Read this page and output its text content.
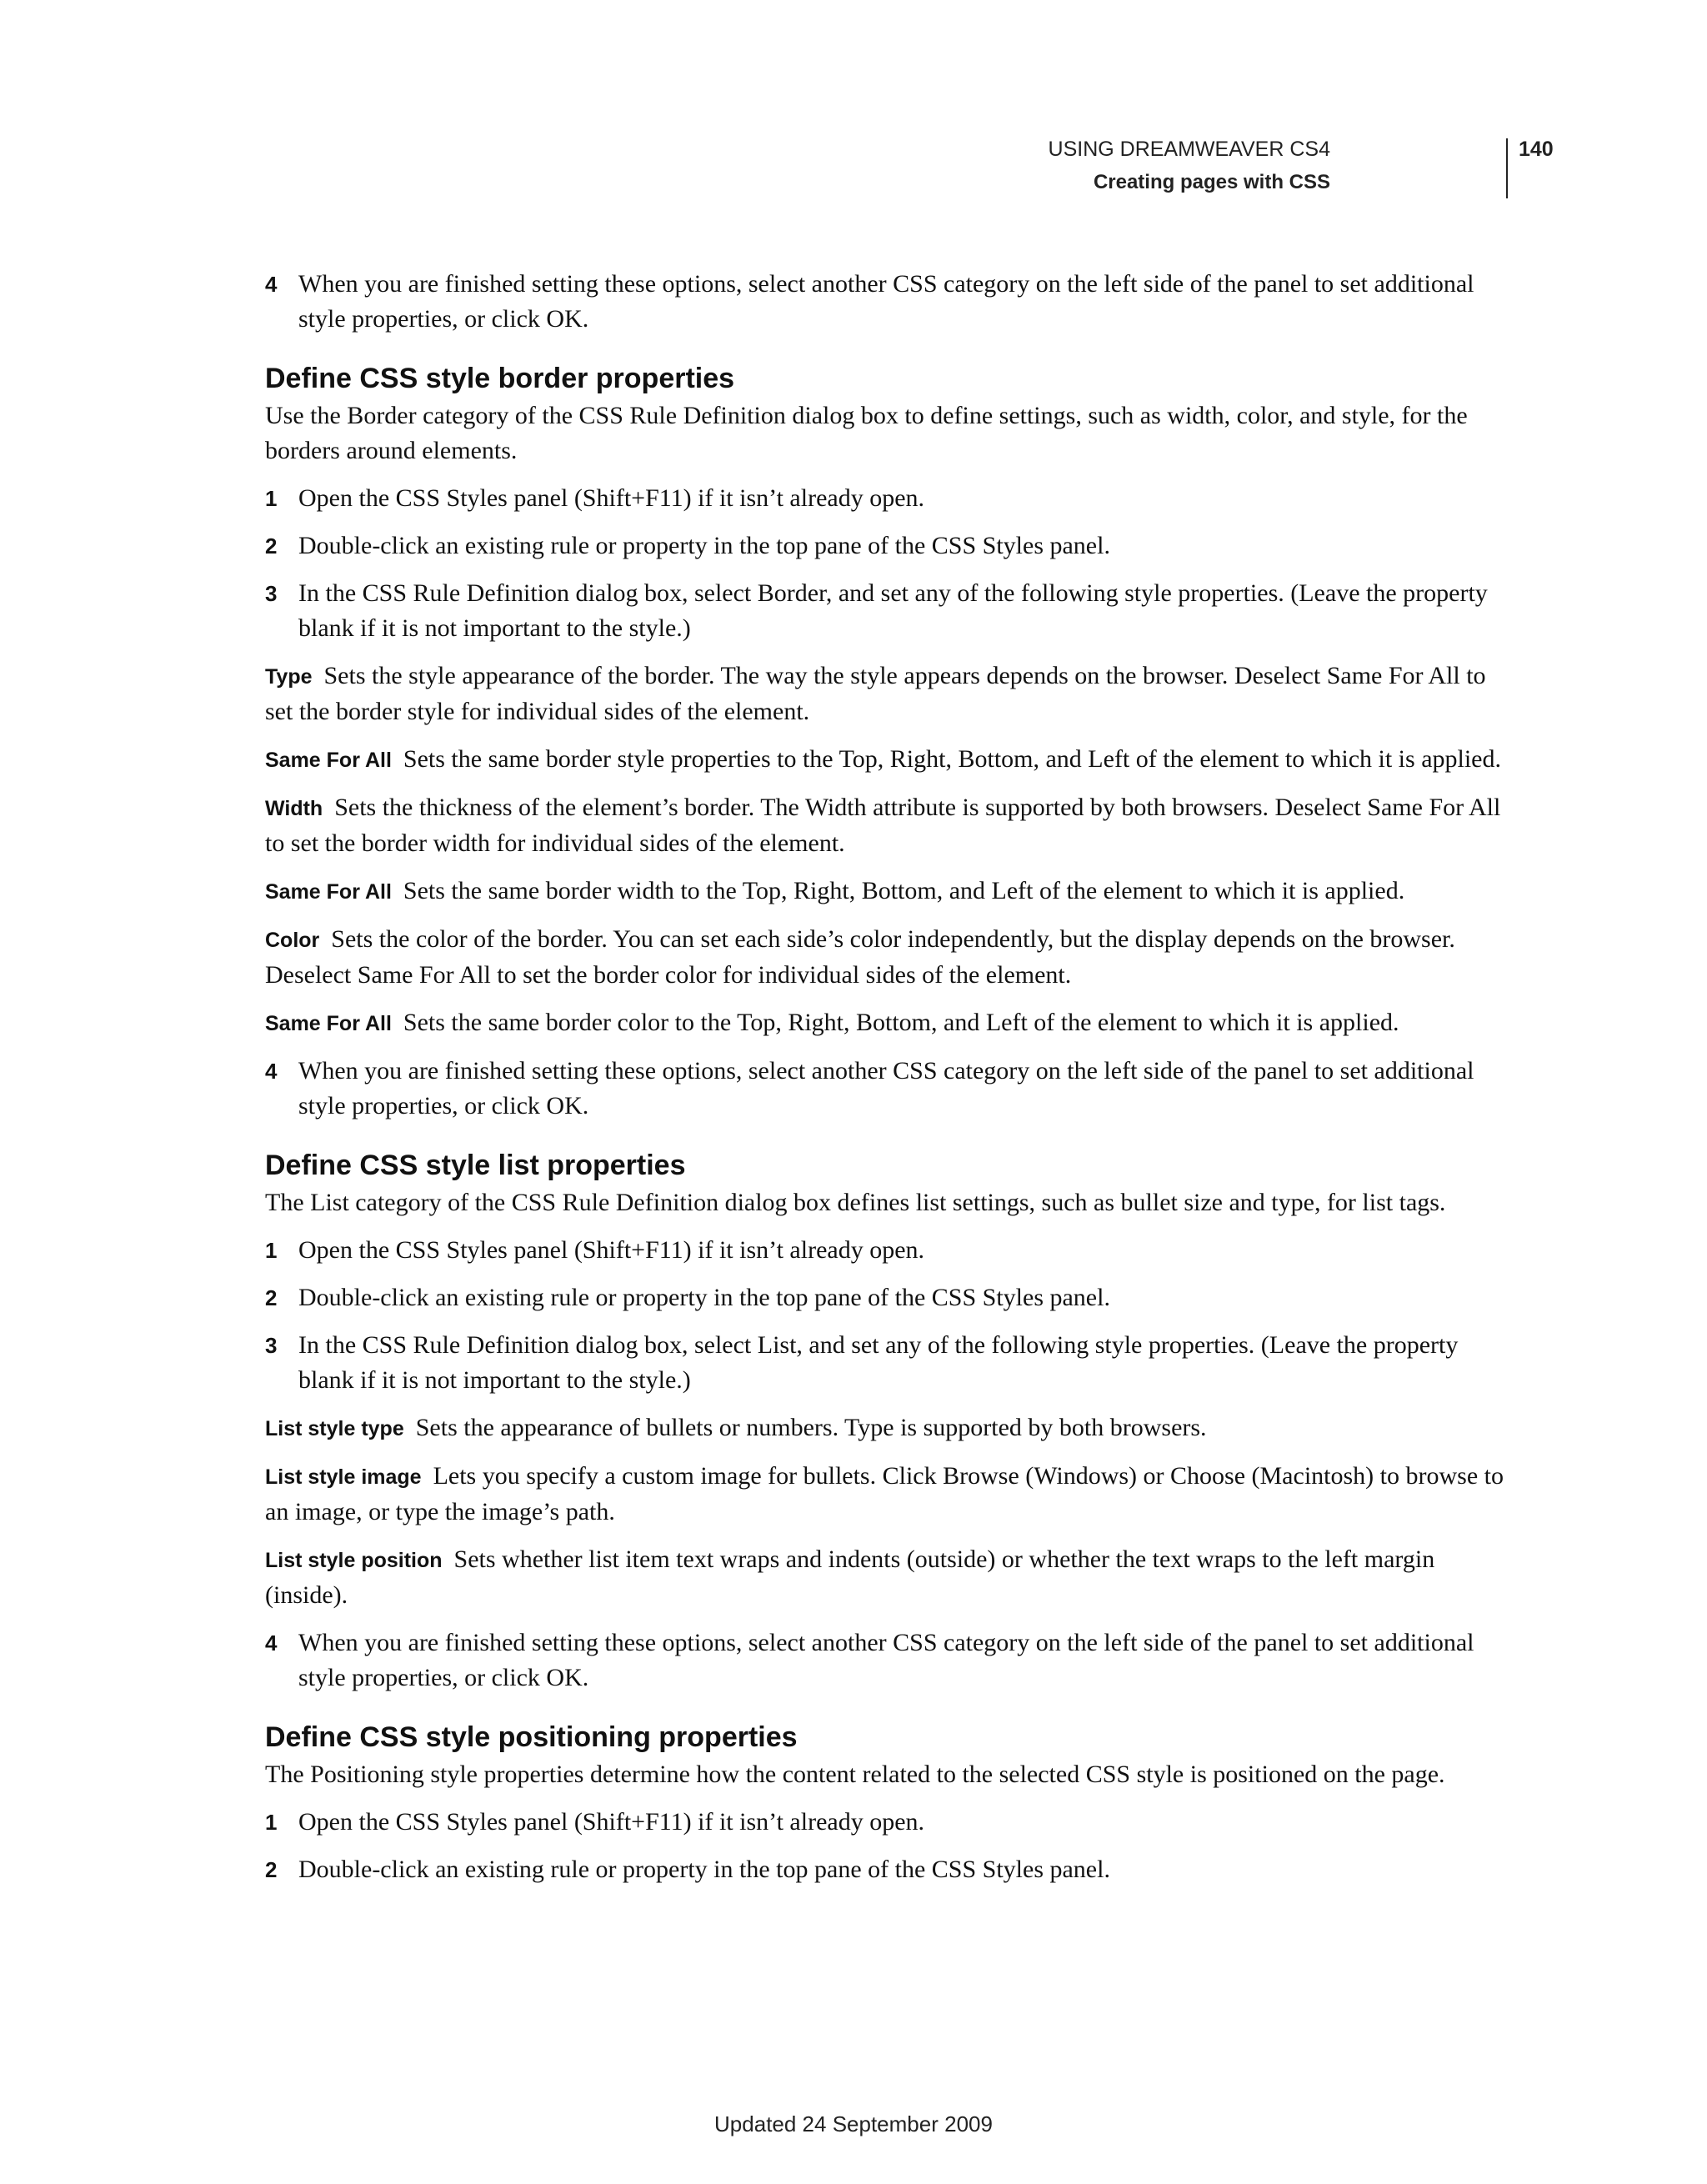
USING DREAMWEAVER CS4
Creating pages with CSS
140
4 When you are finished setting these options, select another CSS category on the left side of the panel to set additional style properties, or click OK.
Define CSS style border properties

Use the Border category of the CSS Rule Definition dialog box to define settings, such as width, color, and style, for the borders around elements.

1 Open the CSS Styles panel (Shift+F11) if it isn’t already open.
2 Double-click an existing rule or property in the top pane of the CSS Styles panel.
3 In the CSS Rule Definition dialog box, select Border, and set any of the following style properties. (Leave the property blank if it is not important to the style.)

Type Sets the style appearance of the border. The way the style appears depends on the browser. Deselect Same For All to set the border style for individual sides of the element.

Same For All Sets the same border style properties to the Top, Right, Bottom, and Left of the element to which it is applied.

Width Sets the thickness of the element’s border. The Width attribute is supported by both browsers. Deselect Same For All to set the border width for individual sides of the element.

Same For All Sets the same border width to the Top, Right, Bottom, and Left of the element to which it is applied.

Color Sets the color of the border. You can set each side’s color independently, but the display depends on the browser. Deselect Same For All to set the border color for individual sides of the element.

Same For All Sets the same border color to the Top, Right, Bottom, and Left of the element to which it is applied.

4 When you are finished setting these options, select another CSS category on the left side of the panel to set additional style properties, or click OK.
Define CSS style list properties

The List category of the CSS Rule Definition dialog box defines list settings, such as bullet size and type, for list tags.

1 Open the CSS Styles panel (Shift+F11) if it isn’t already open.
2 Double-click an existing rule or property in the top pane of the CSS Styles panel.
3 In the CSS Rule Definition dialog box, select List, and set any of the following style properties. (Leave the property blank if it is not important to the style.)

List style type Sets the appearance of bullets or numbers. Type is supported by both browsers.

List style image Lets you specify a custom image for bullets. Click Browse (Windows) or Choose (Macintosh) to browse to an image, or type the image’s path.

List style position Sets whether list item text wraps and indents (outside) or whether the text wraps to the left margin (inside).

4 When you are finished setting these options, select another CSS category on the left side of the panel to set additional style properties, or click OK.
Define CSS style positioning properties

The Positioning style properties determine how the content related to the selected CSS style is positioned on the page.

1 Open the CSS Styles panel (Shift+F11) if it isn’t already open.
2 Double-click an existing rule or property in the top pane of the CSS Styles panel.
Updated 24 September 2009
